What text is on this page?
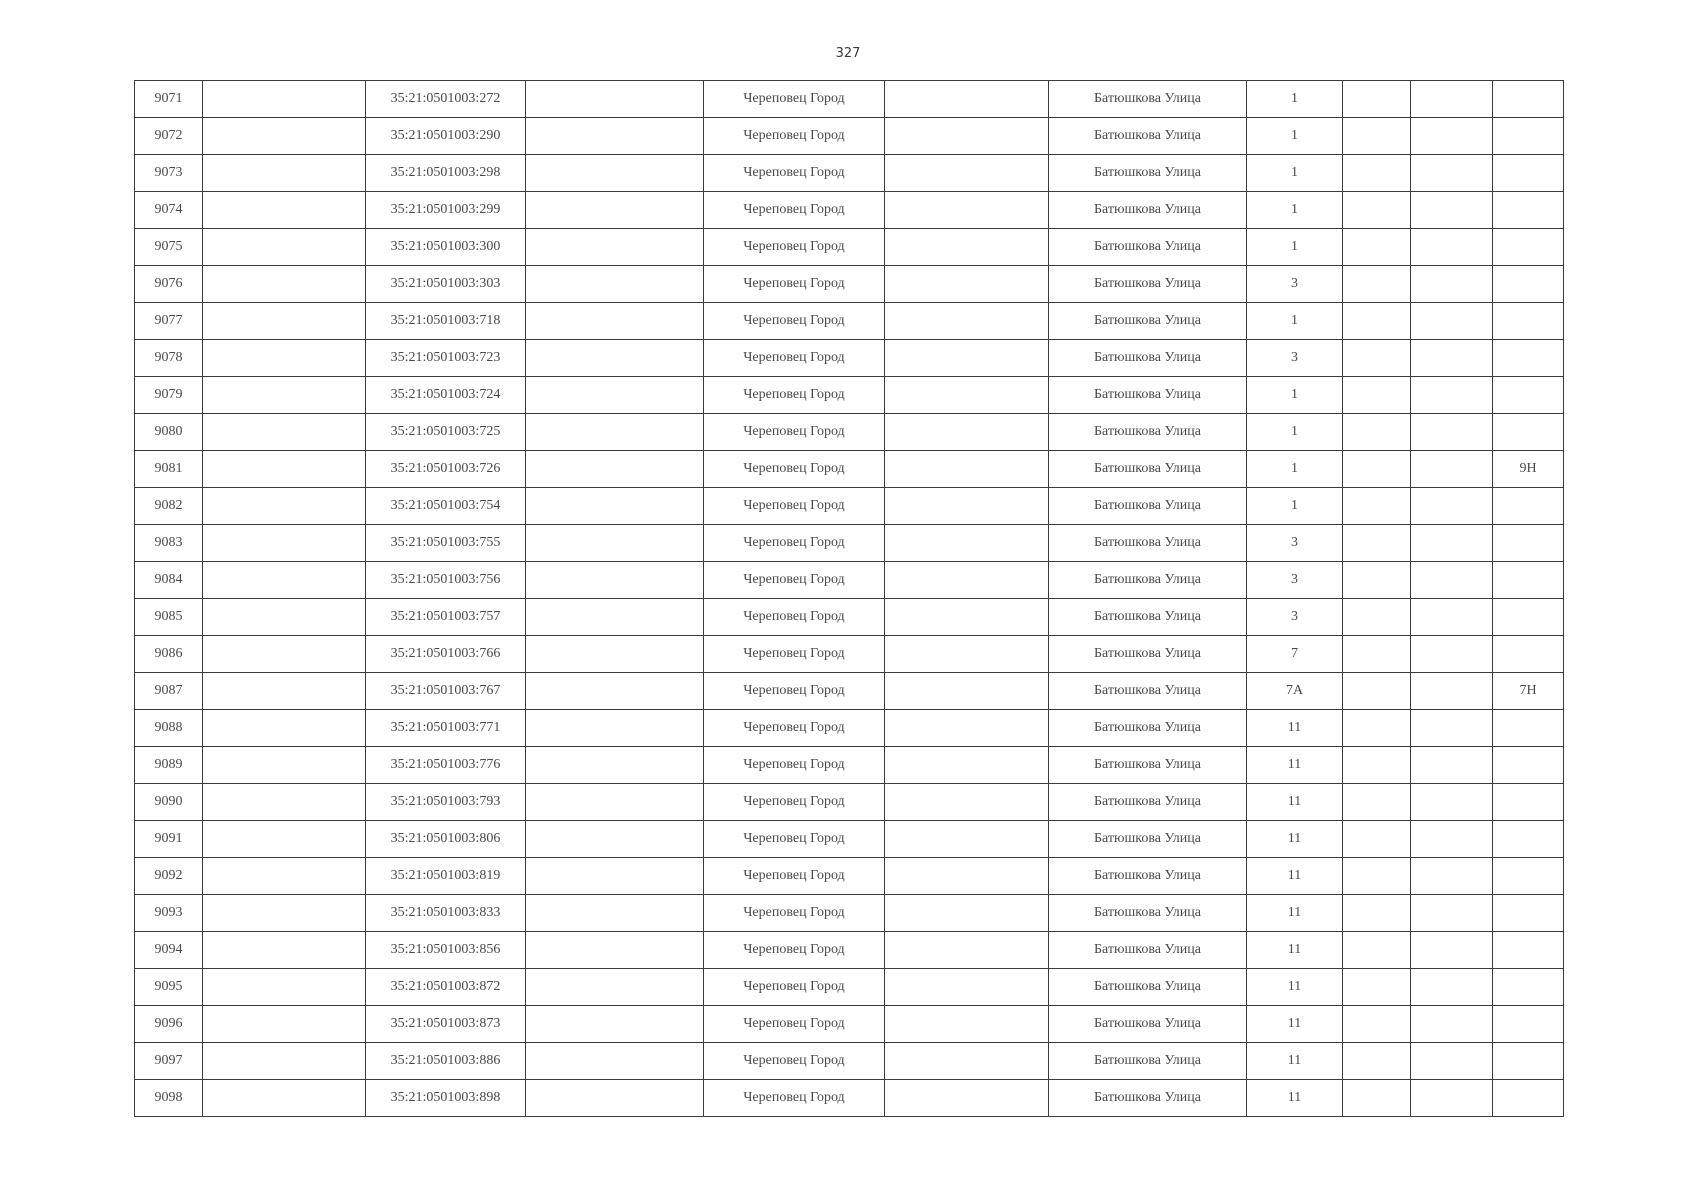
327
9071		35:21:0501003:272		Череповец Город		Батюшкова Улица	1			
9072		35:21:0501003:290		Череповец Город		Батюшкова Улица	1			
9073		35:21:0501003:298		Череповец Город		Батюшкова Улица	1			
9074		35:21:0501003:299		Череповец Город		Батюшкова Улица	1			
9075		35:21:0501003:300		Череповец Город		Батюшкова Улица	1			
9076		35:21:0501003:303		Череповец Город		Батюшкова Улица	3			
9077		35:21:0501003:718		Череповец Город		Батюшкова Улица	1			
9078		35:21:0501003:723		Череповец Город		Батюшкова Улица	3			
9079		35:21:0501003:724		Череповец Город		Батюшкова Улица	1			
9080		35:21:0501003:725		Череповец Город		Батюшкова Улица	1			
9081		35:21:0501003:726		Череповец Город		Батюшкова Улица	1			9Н
9082		35:21:0501003:754		Череповец Город		Батюшкова Улица	1			
9083		35:21:0501003:755		Череповец Город		Батюшкова Улица	3			
9084		35:21:0501003:756		Череповец Город		Батюшкова Улица	3			
9085		35:21:0501003:757		Череповец Город		Батюшкова Улица	3			
9086		35:21:0501003:766		Череповец Город		Батюшкова Улица	7			
9087		35:21:0501003:767		Череповец Город		Батюшкова Улица	7А			7Н
9088		35:21:0501003:771		Череповец Город		Батюшкова Улица	11			
9089		35:21:0501003:776		Череповец Город		Батюшкова Улица	11			
9090		35:21:0501003:793		Череповец Город		Батюшкова Улица	11			
9091		35:21:0501003:806		Череповец Город		Батюшкова Улица	11			
9092		35:21:0501003:819		Череповец Город		Батюшкова Улица	11			
9093		35:21:0501003:833		Череповец Город		Батюшкова Улица	11			
9094		35:21:0501003:856		Череповец Город		Батюшкова Улица	11			
9095		35:21:0501003:872		Череповец Город		Батюшкова Улица	11			
9096		35:21:0501003:873		Череповец Город		Батюшкова Улица	11			
9097		35:21:0501003:886		Череповец Город		Батюшкова Улица	11			
9098		35:21:0501003:898		Череповец Город		Батюшкова Улица	11			
